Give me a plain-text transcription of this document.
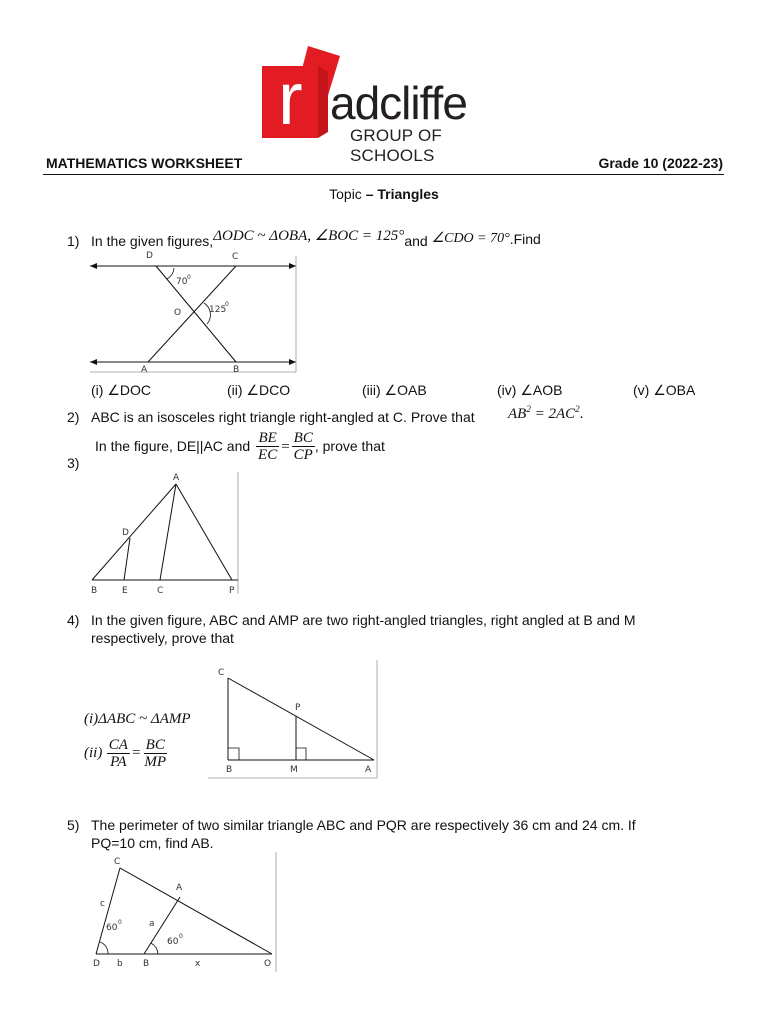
r adcliffe
GROUP OF SCHOOLS
MATHEMATICS WORKSHEET	Grade 10 (2022-23)
Topic – Triangles
1) In the given figures,ΔODC ~ ΔOBA, ∠BOC = 125°and ∠CDO = 70°.Find
D	C
70 0
125
0
O
A	B
(i) ∠DOC	(ii) ∠DCO	(iii) ∠OAB	(iv) ∠AOB	(v) ∠OBA
2) ABC is an isosceles right triangle right-angled at C. Prove that $AB^2 = 2AC^2$.
3)
In the figure, DE||AC and $\frac{BE}{EC} = \frac{BC}{CP}$ , prove that
A
D
B	E	C	P
4) In the given figure, ABC and AMP are two right-angled triangles, right angled at B and M
respectively, prove that
(i)ΔABC ~ ΔAMP
$(ii) \frac{CA}{PA} = \frac{BC}{MP}$
C
P
B	M	A
5) The perimeter of two similar triangle ABC and PQR are respectively 36 cm and 24 cm. If
PQ=10 cm, find AB.
C
A
c
a
60
0
60
0
D b B	x	O
